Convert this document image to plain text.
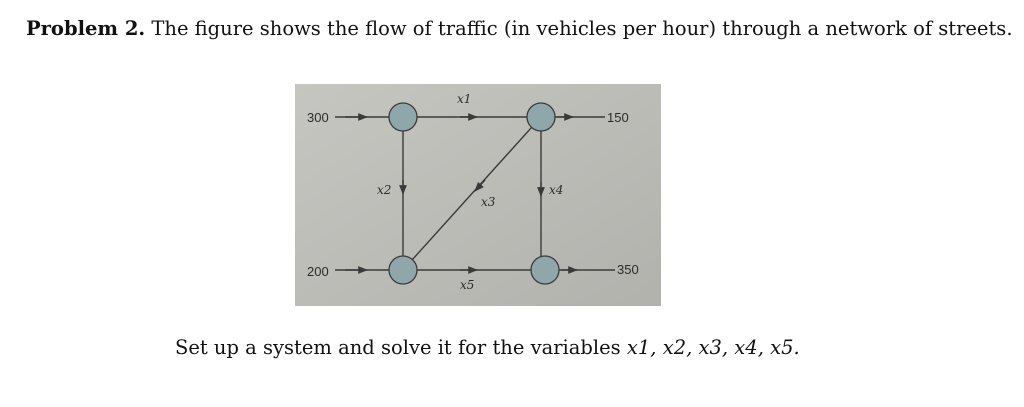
Problem 2. The figure shows the flow of traffic (in vehicles per hour) through a network of streets.
300	150
200	350
x1
x2
x3
x4
x5
Set up a system and solve it for the variables x1, x2, x3, x4, x5.
